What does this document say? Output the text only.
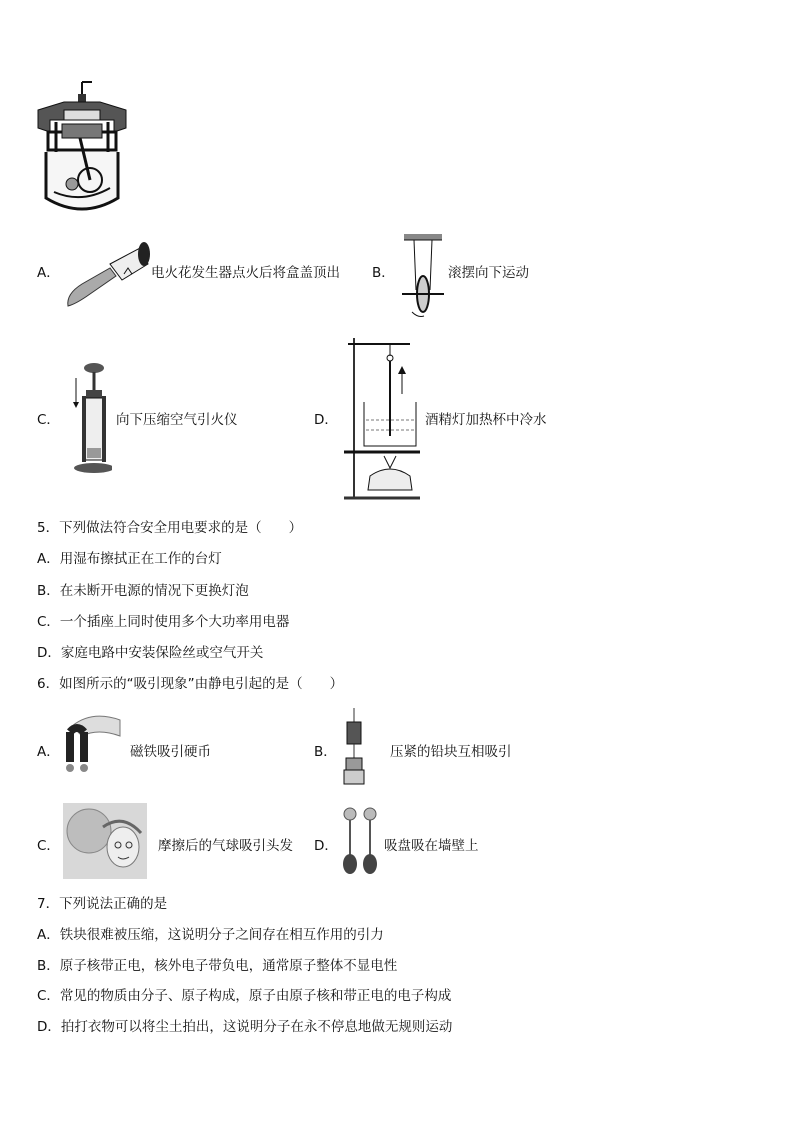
A．	电火花发生器点火后将盒盖顶出 B．	滚摆向下运动
C．	向下压缩空气引火仪	D．	酒精灯加热杯中冷水
5．下列做法符合安全用电要求的是（　　）
A．用湿布擦拭正在工作的台灯
B．在未断开电源的情况下更换灯泡
C．一个插座上同时使用多个大功率用电器
D．家庭电路中安装保险丝或空气开关
6．如图所示的“吸引现象”由静电引起的是（　　）
A．	磁铁吸引硬币	B．	压紧的铅块互相吸引
C．	摩擦后的气球吸引头发 D．	吸盘吸在墙壁上
7．下列说法正确的是
A．铁块很难被压缩，这说明分子之间存在相互作用的引力
B．原子核带正电，核外电子带负电，通常原子整体不显电性
C．常见的物质由分子、原子构成，原子由原子核和带正电的电子构成
D．拍打衣物可以将尘土拍出，这说明分子在永不停息地做无规则运动
